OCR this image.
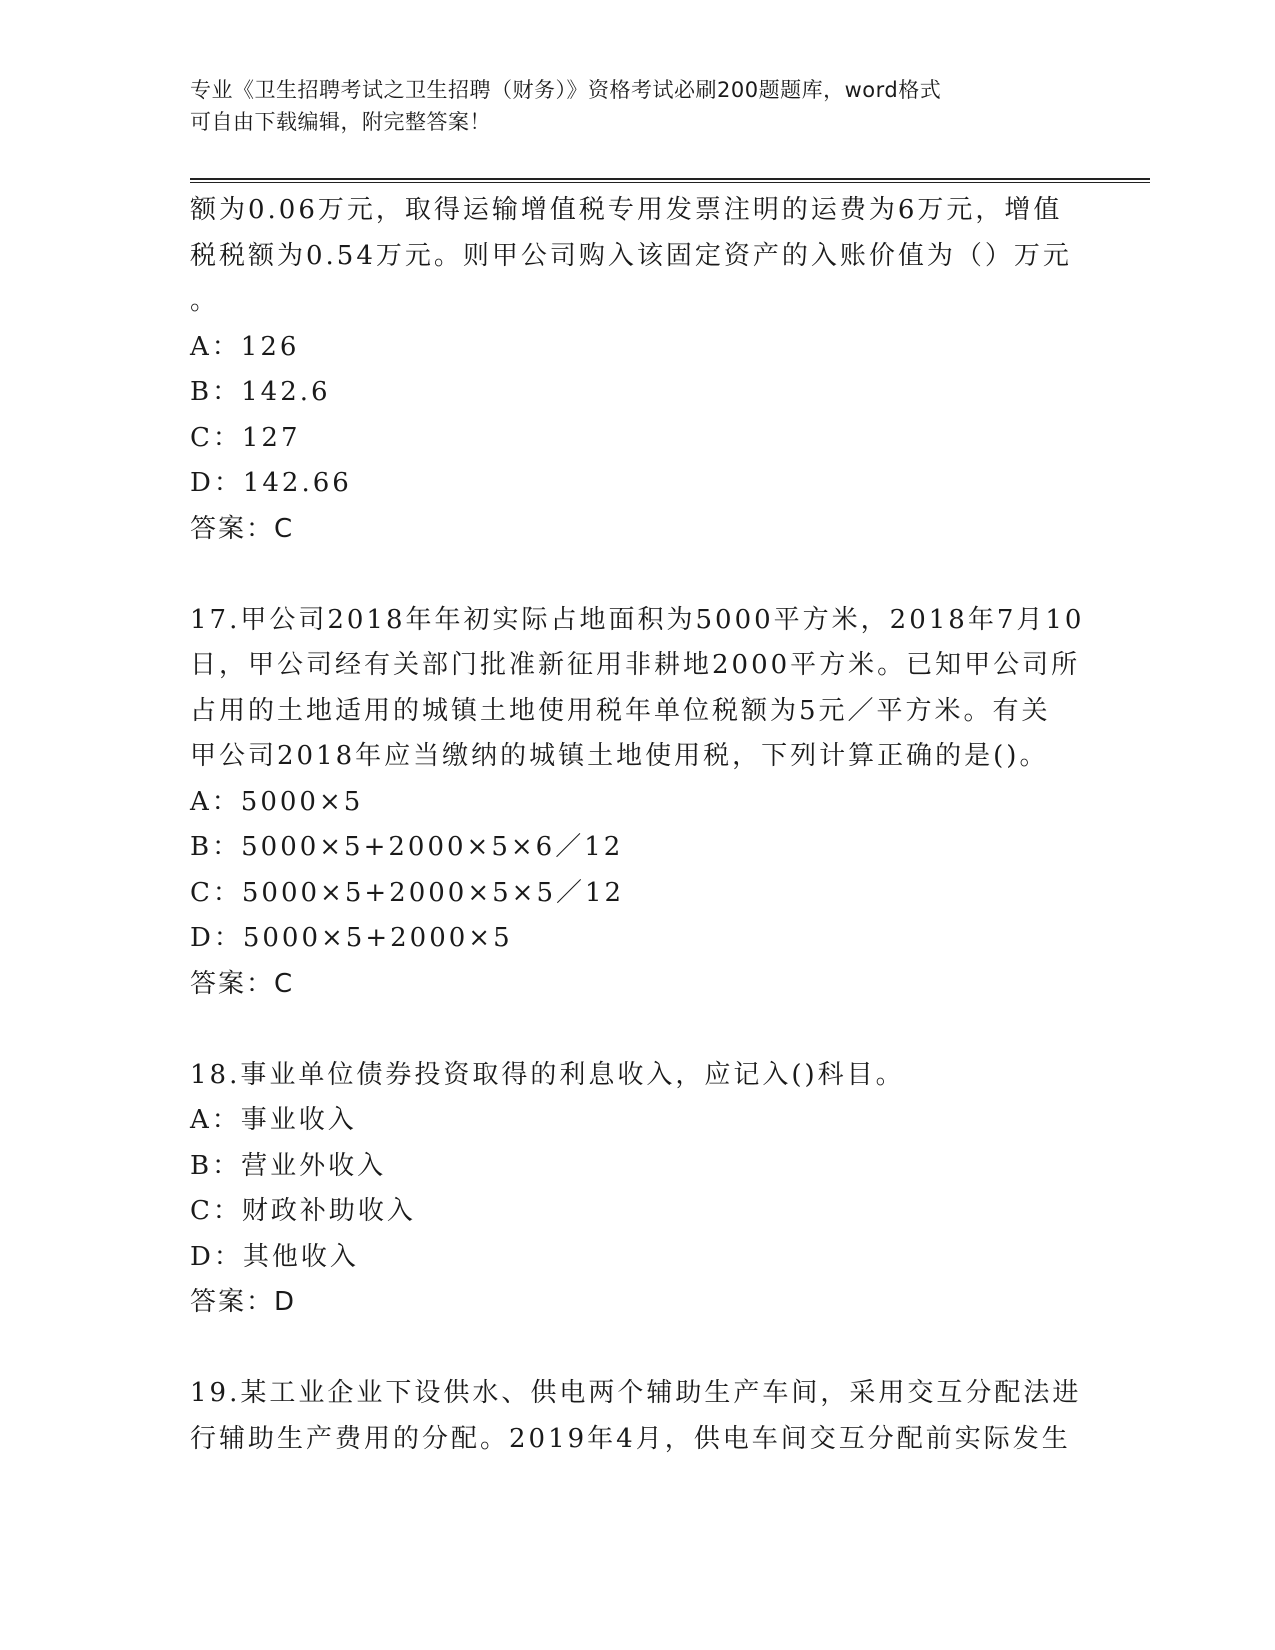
专业《卫生招聘考试之卫生招聘（财务）》资格考试必刷200题题库，word格式
可自由下载编辑，附完整答案！
额为0.06万元，取得运输增值税专用发票注明的运费为6万元，增值
税税额为0.54万元。则甲公司购入该固定资产的入账价值为（）万元
。
A：126
B：142.6
C：127
D：142.66
答案：C
17.甲公司2018年年初实际占地面积为5000平方米，2018年7月10
日，甲公司经有关部门批准新征用非耕地2000平方米。已知甲公司所
占用的土地适用的城镇土地使用税年单位税额为5元／平方米。有关
甲公司2018年应当缴纳的城镇土地使用税，下列计算正确的是()。
A：5000×5
B：5000×5+2000×5×6／12
C：5000×5+2000×5×5／12
D：5000×5+2000×5
答案：C
18.事业单位债券投资取得的利息收入，应记入()科目。
A：事业收入
B：营业外收入
C：财政补助收入
D：其他收入
答案：D
19.某工业企业下设供水、供电两个辅助生产车间，采用交互分配法进
行辅助生产费用的分配。2019年4月，供电车间交互分配前实际发生
